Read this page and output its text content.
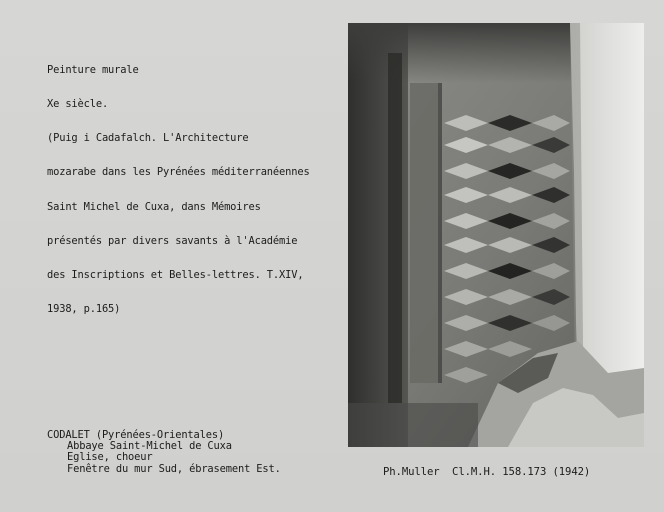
Peinture murale

Xe siècle.

(Puig i Cadafalch. L'Architecture

mozarabe dans les Pyrénées méditerranéennes

Saint Michel de Cuxa, dans Mémoires

présentés par divers savants à l'Académie

des Inscriptions et Belles-lettres. T.XIV,

1938, p.165)

CODALET (Pyrénées-Orientales)
Abbaye Saint-Michel de Cuxa
Eglise, choeur
Fenêtre du mur Sud, ébrasement Est.	Ph.Muller  Cl.M.H. 158.173 (1942)
